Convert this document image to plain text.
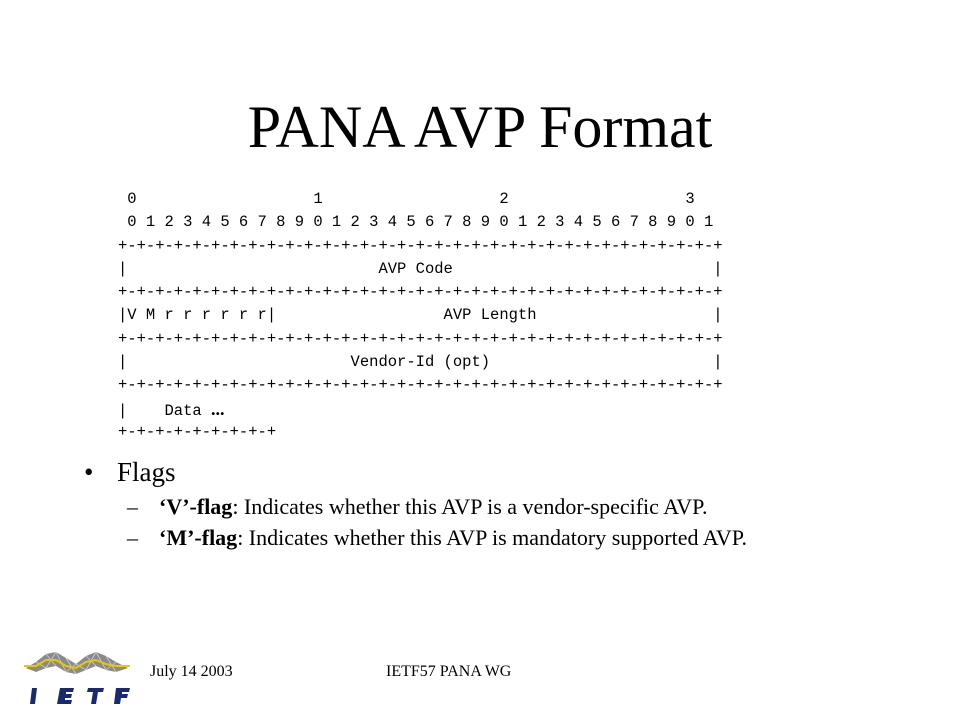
PANA AVP Format
0                   1                   2                   3
0 1 2 3 4 5 6 7 8 9 0 1 2 3 4 5 6 7 8 9 0 1 2 3 4 5 6 7 8 9 0 1
+-+-+-+-+-+-+-+-+-+-+-+-+-+-+-+-+-+-+-+-+-+-+-+-+-+-+-+-+-+-+-+-+
|                           AVP Code                            |
+-+-+-+-+-+-+-+-+-+-+-+-+-+-+-+-+-+-+-+-+-+-+-+-+-+-+-+-+-+-+-+-+
|V M r r r r r r|                  AVP Length                   |
+-+-+-+-+-+-+-+-+-+-+-+-+-+-+-+-+-+-+-+-+-+-+-+-+-+-+-+-+-+-+-+-+
|                        Vendor-Id (opt)                        |
+-+-+-+-+-+-+-+-+-+-+-+-+-+-+-+-+-+-+-+-+-+-+-+-+-+-+-+-+-+-+-+-+
|    Data ...
+-+-+-+-+-+-+-+-+
• Flags
– ‘V’-flag: Indicates whether this AVP is a vendor-specific AVP.
– ‘M’-flag: Indicates whether this AVP is mandatory supported AVP.
July 14 2003	IETF57 PANA WG
